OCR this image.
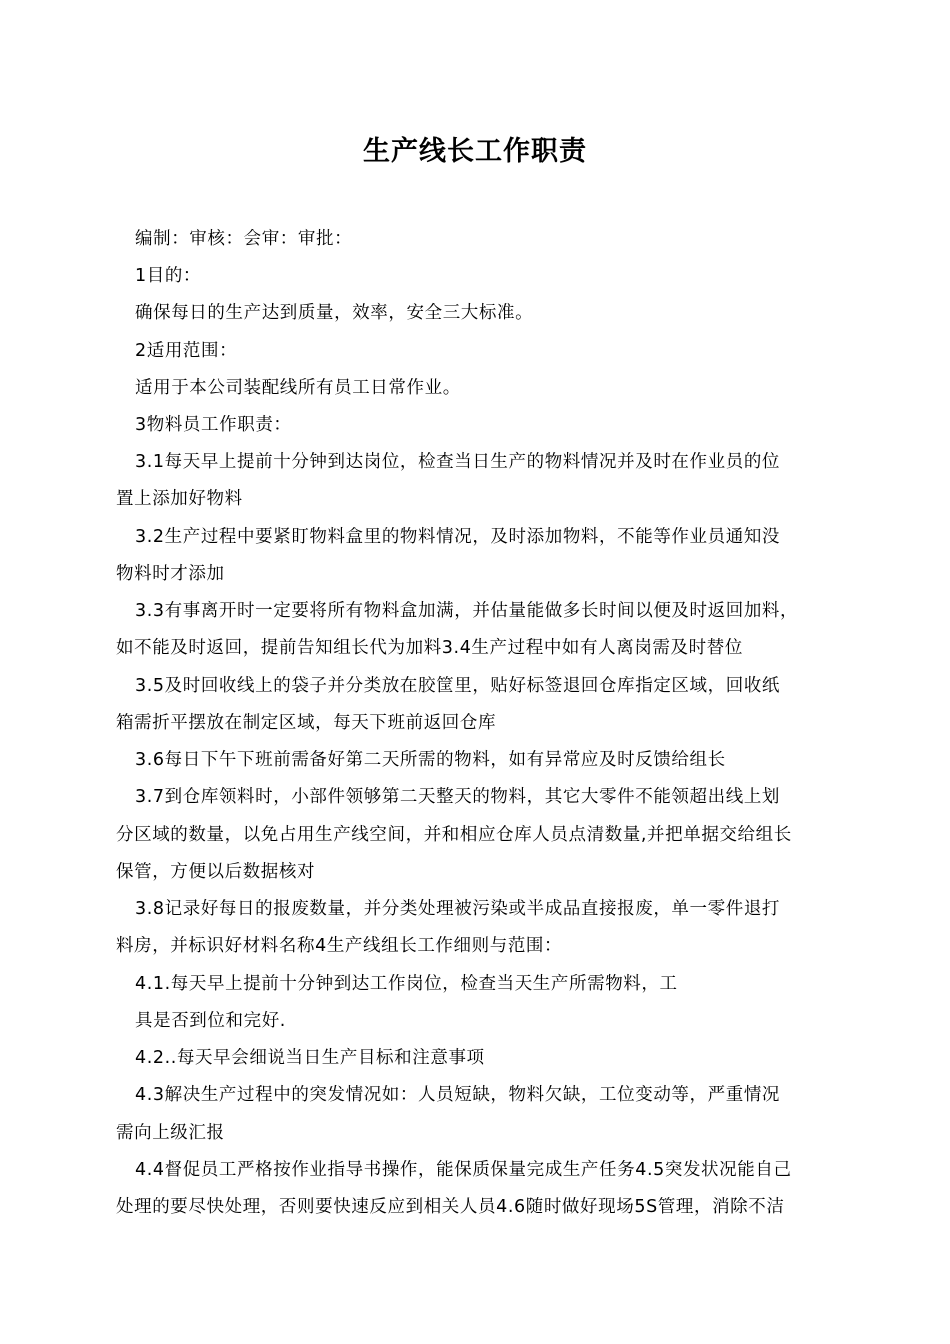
生产线长工作职责
编制：审核：会审：审批：
1目的：
确保每日的生产达到质量，效率，安全三大标准。
2适用范围：
适用于本公司装配线所有员工日常作业。
3物料员工作职责：
3.1每天早上提前十分钟到达岗位，检查当日生产的物料情况并及时在作业员的位
置上添加好物料
3.2生产过程中要紧盯物料盒里的物料情况，及时添加物料，不能等作业员通知没
物料时才添加
3.3有事离开时一定要将所有物料盒加满，并估量能做多长时间以便及时返回加料，
如不能及时返回，提前告知组长代为加料3.4生产过程中如有人离岗需及时替位
3.5及时回收线上的袋子并分类放在胶筐里，贴好标签退回仓库指定区域，回收纸
箱需折平摆放在制定区域，每天下班前返回仓库
3.6每日下午下班前需备好第二天所需的物料，如有异常应及时反馈给组长
3.7到仓库领料时，小部件领够第二天整天的物料，其它大零件不能领超出线上划
分区域的数量，以免占用生产线空间，并和相应仓库人员点清数量,并把单据交给组长
保管，方便以后数据核对
3.8记录好每日的报废数量，并分类处理被污染或半成品直接报废，单一零件退打
料房，并标识好材料名称4生产线组长工作细则与范围：
4.1.每天早上提前十分钟到达工作岗位，检查当天生产所需物料，工
具是否到位和完好.
4.2..每天早会细说当日生产目标和注意事项
4.3解决生产过程中的突发情况如：人员短缺，物料欠缺，工位变动等，严重情况
需向上级汇报
4.4督促员工严格按作业指导书操作，能保质保量完成生产任务4.5突发状况能自己
处理的要尽快处理，否则要快速反应到相关人员4.6随时做好现场5S管理，消除不洁
